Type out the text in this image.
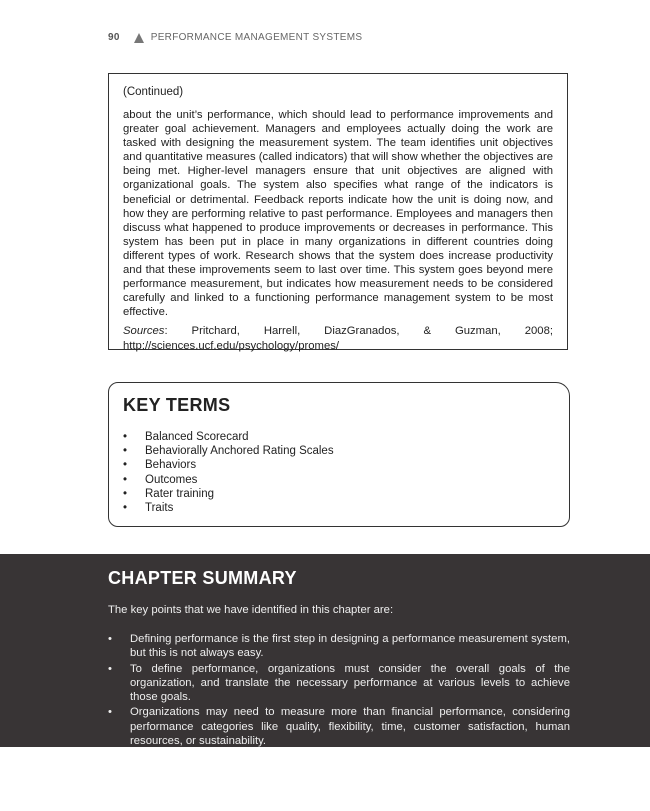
90	PERFORMANCE MANAGEMENT SYSTEMS
(Continued)
about the unit’s performance, which should lead to performance improvements and greater goal achievement. Managers and employees actually doing the work are tasked with designing the measurement system. The team identifies unit objectives and quantitative measures (called indicators) that will show whether the objectives are being met. Higher-level managers ensure that unit objectives are aligned with organizational goals. The system also specifies what range of the indicators is beneficial or detrimental. Feedback reports indicate how the unit is doing now, and how they are performing relative to past performance. Employees and managers then discuss what happened to produce improvements or decreases in performance. This system has been put in place in many organizations in different countries doing different types of work. Research shows that the system does increase productivity and that these improvements seem to last over time. This system goes beyond mere performance measurement, but indicates how measurement needs to be considered carefully and linked to a functioning performance management system to be most effective.
Sources: Pritchard, Harrell, DiazGranados, & Guzman, 2008; http://sciences.ucf.edu/psychology/promes/
KEY TERMS
•	Balanced Scorecard
•	Behaviorally Anchored Rating Scales
•	Behaviors
•	Outcomes
•	Rater training
•	Traits
CHAPTER SUMMARY
The key points that we have identified in this chapter are:
•	Defining performance is the first step in designing a performance measurement system, but this is not always easy.
•	To define performance, organizations must consider the overall goals of the organization, and translate the necessary performance at various levels to achieve those goals.
•	Organizations may need to measure more than financial performance, considering performance categories like quality, flexibility, time, customer satisfaction, human resources, or sustainability.
